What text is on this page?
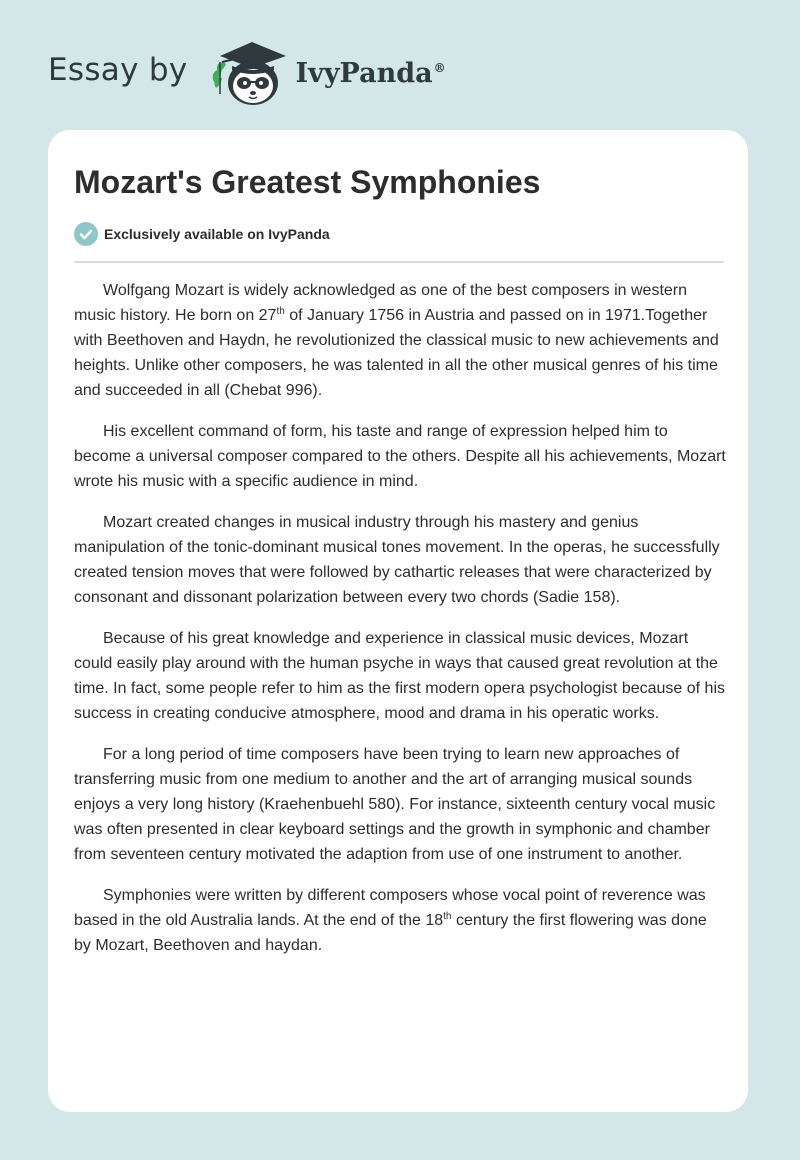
Essay by	IvyPanda®
Mozart's Greatest Symphonies
Exclusively available on IvyPanda

Wolfgang Mozart is widely acknowledged as one of the best composers in western music history. He born on 27th of January 1756 in Austria and passed on in 1971.Together with Beethoven and Haydn, he revolutionized the classical music to new achievements and heights. Unlike other composers, he was talented in all the other musical genres of his time and succeeded in all (Chebat 996).

His excellent command of form, his taste and range of expression helped him to become a universal composer compared to the others. Despite all his achievements, Mozart wrote his music with a specific audience in mind.

Mozart created changes in musical industry through his mastery and genius manipulation of the tonic-dominant musical tones movement. In the operas, he successfully created tension moves that were followed by cathartic releases that were characterized by consonant and dissonant polarization between every two chords (Sadie 158).

Because of his great knowledge and experience in classical music devices, Mozart could easily play around with the human psyche in ways that caused great revolution at the time. In fact, some people refer to him as the first modern opera psychologist because of his success in creating conducive atmosphere, mood and drama in his operatic works.

For a long period of time composers have been trying to learn new approaches of transferring music from one medium to another and the art of arranging musical sounds enjoys a very long history (Kraehenbuehl 580). For instance, sixteenth century vocal music was often presented in clear keyboard settings and the growth in symphonic and chamber from seventeen century motivated the adaption from use of one instrument to another.

Symphonies were written by different composers whose vocal point of reverence was based in the old Australia lands. At the end of the 18th century the first flowering was done by Mozart, Beethoven and haydan.
